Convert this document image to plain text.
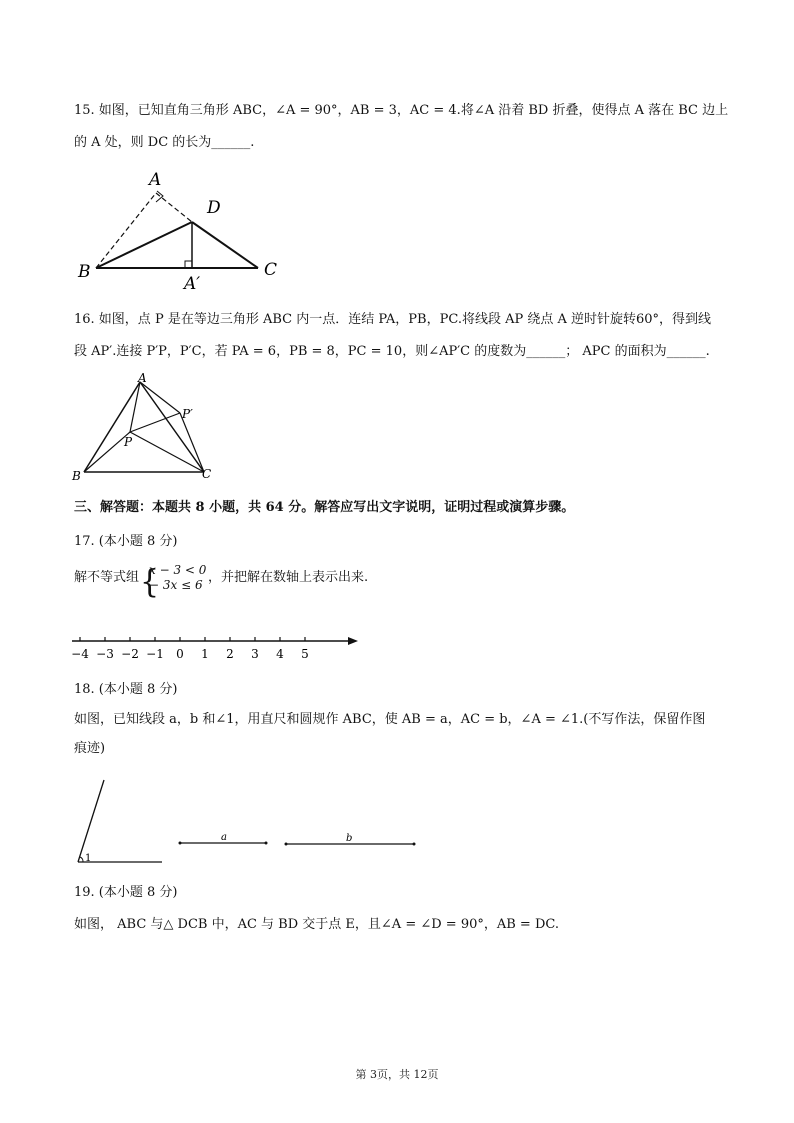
15. 如图，已知直角三角形 ABC，∠A = 90°，AB = 3，AC = 4.将∠A 沿着 BD 折叠，使得点 A 落在 BC 边上
的 A 处，则 DC 的长为______.
A
D
B	C
A′
16. 如图，点 P 是在等边三角形 ABC 内一点．连结 PA，PB，PC.将线段 AP 绕点 A 逆时针旋转60°，得到线
段 AP′.连接 P′P，P′C，若 PA = 6，PB = 8，PC = 10，则∠AP′C 的度数为______； APC 的面积为______.
A
P′
P
B	C
三、解答题：本题共 8 小题，共 64 分。解答应写出文字说明，证明过程或演算步骤。
17. (本小题 8 分)
解不等式组 {
x − 3 < 0
− 3x ≤ 6 ，并把解在数轴上表示出来.
−4 −3 −2 −1 0 1 2 3 4 5
18. (本小题 8 分)
如图，已知线段 a，b 和∠1，用直尺和圆规作 ABC，使 AB = a，AC = b，∠A = ∠1.(不写作法，保留作图
痕迹)
1
a	b
19. (本小题 8 分)
如图， ABC 与△ DCB 中，AC 与 BD 交于点 E，且∠A = ∠D = 90°，AB = DC.
第 3页，共 12页
